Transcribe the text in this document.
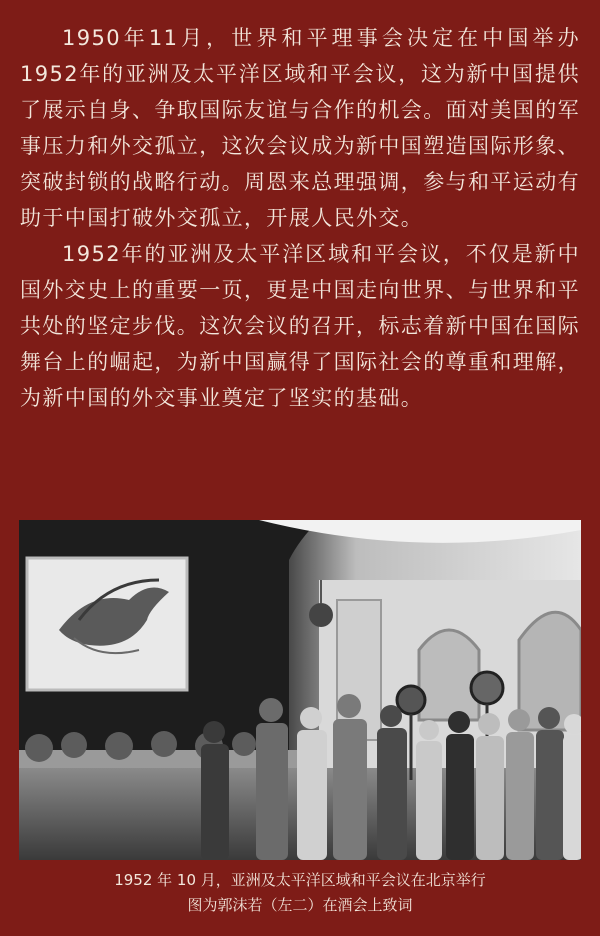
1950年11月，世界和平理事会决定在中国举办1952年的亚洲及太平洋区域和平会议，这为新中国提供了展示自身、争取国际友谊与合作的机会。面对美国的军事压力和外交孤立，这次会议成为新中国塑造国际形象、突破封锁的战略行动。周恩来总理强调，参与和平运动有助于中国打破外交孤立，开展人民外交。

1952年的亚洲及太平洋区域和平会议，不仅是新中国外交史上的重要一页，更是中国走向世界、与世界和平共处的坚定步伐。这次会议的召开，标志着新中国在国际舞台上的崛起，为新中国赢得了国际社会的尊重和理解，为新中国的外交事业奠定了坚实的基础。

1952 年 10 月，亚洲及太平洋区域和平会议在北京举行
图为郭沫若（左二）在酒会上致词
